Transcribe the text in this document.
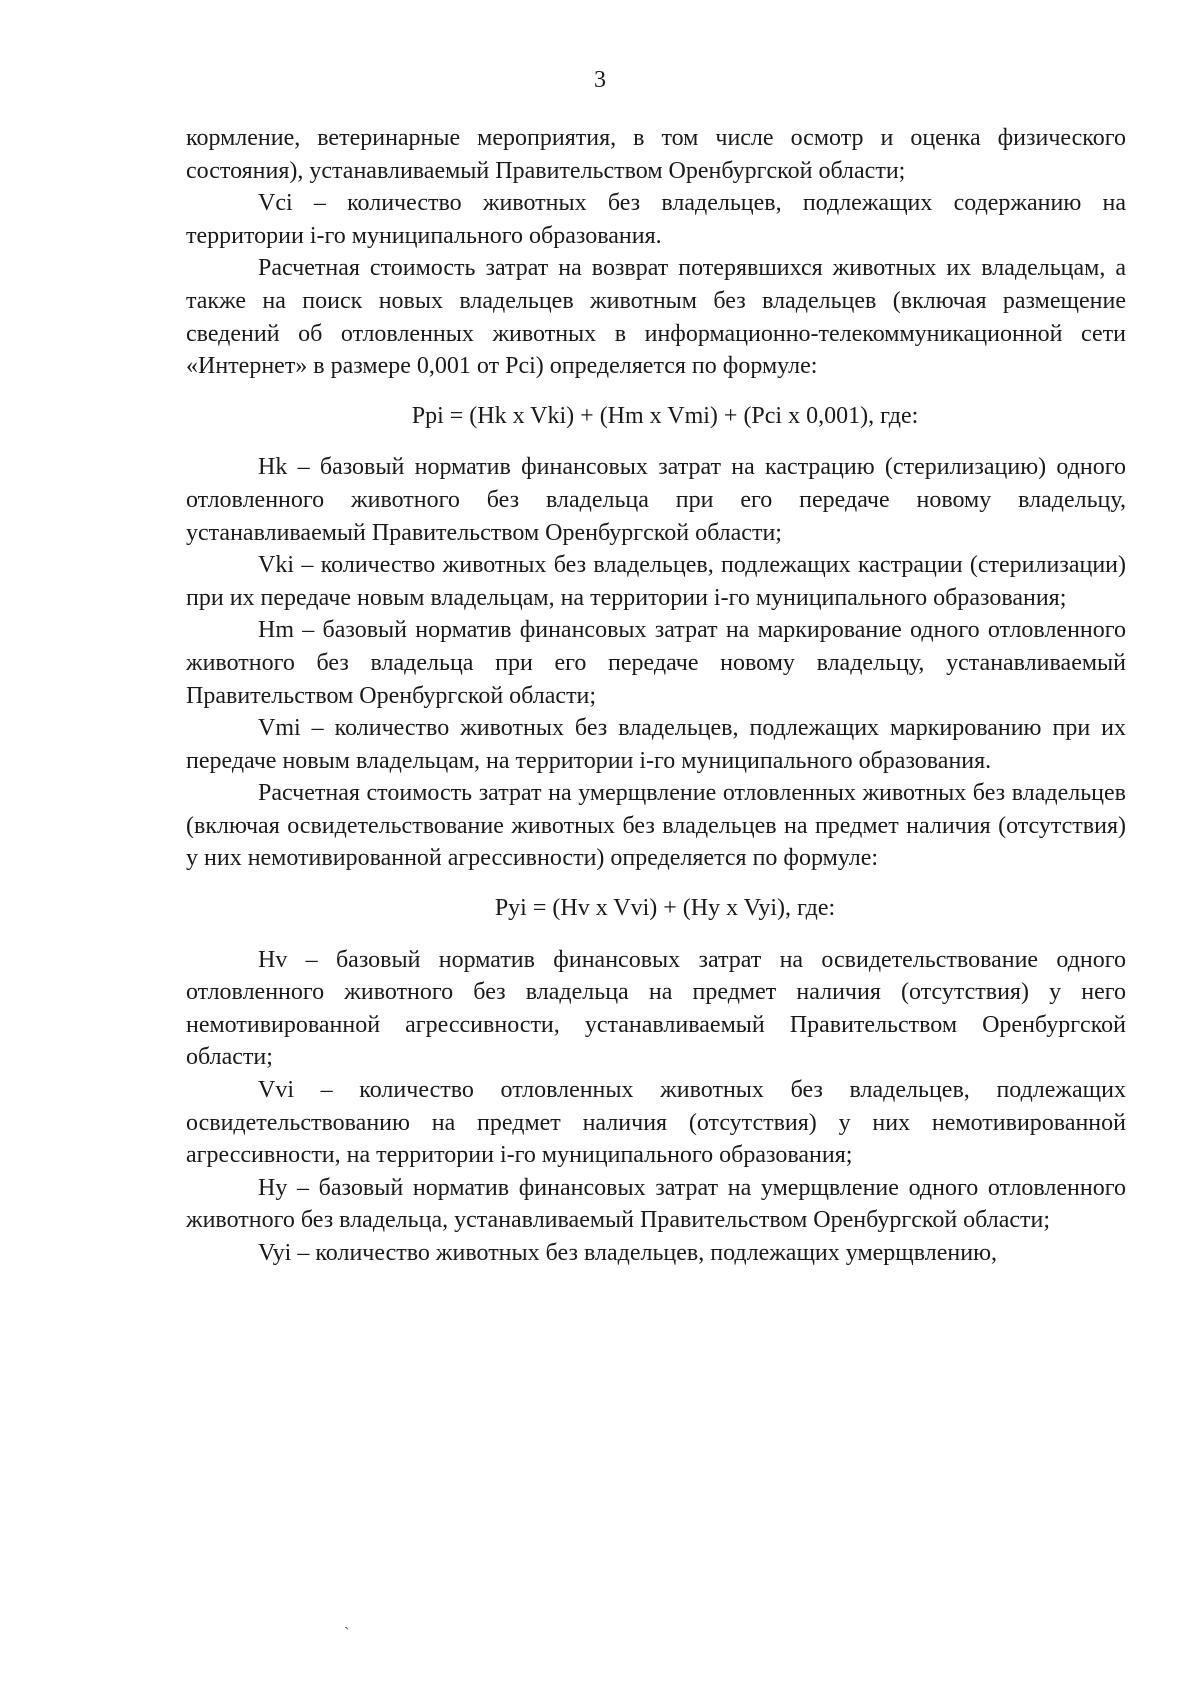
3

кормление, ветеринарные мероприятия, в том числе осмотр и оценка физического состояния), устанавливаемый Правительством Оренбургской области;

Vci – количество животных без владельцев, подлежащих содержанию на территории i-го муниципального образования.

Расчетная стоимость затрат на возврат потерявшихся животных их владельцам, а также на поиск новых владельцев животным без владельцев (включая размещение сведений об отловленных животных в информационно-телекоммуникационной сети «Интернет» в размере 0,001 от Pci) определяется по формуле:

Ppi = (Hk x Vki) + (Hm x Vmi) + (Pci x 0,001), где:

Hk – базовый норматив финансовых затрат на кастрацию (стерилизацию) одного отловленного животного без владельца при его передаче новому владельцу, устанавливаемый Правительством Оренбургской области;

Vki – количество животных без владельцев, подлежащих кастрации (стерилизации) при их передаче новым владельцам, на территории i-го муниципального образования;

Hm – базовый норматив финансовых затрат на маркирование одного отловленного животного без владельца при его передаче новому владельцу, устанавливаемый Правительством Оренбургской области;

Vmi – количество животных без владельцев, подлежащих маркированию при их передаче новым владельцам, на территории i-го муниципального образования.

Расчетная стоимость затрат на умерщвление отловленных животных без владельцев (включая освидетельствование животных без владельцев на предмет наличия (отсутствия) у них немотивированной агрессивности) определяется по формуле:

Pyi = (Hv x Vvi) + (Hy x Vyi), где:

Hv – базовый норматив финансовых затрат на освидетельствование одного отловленного животного без владельца на предмет наличия (отсутствия) у него немотивированной агрессивности, устанавливаемый Правительством Оренбургской области;

Vvi – количество отловленных животных без владельцев, подлежащих освидетельствованию на предмет наличия (отсутствия) у них немотивированной агрессивности, на территории i-го муниципального образования;

Hy – базовый норматив финансовых затрат на умерщвление одного отловленного животного без владельца, устанавливаемый Правительством Оренбургской области;

Vyi – количество животных без владельцев, подлежащих умерщвлению,

ˎ
